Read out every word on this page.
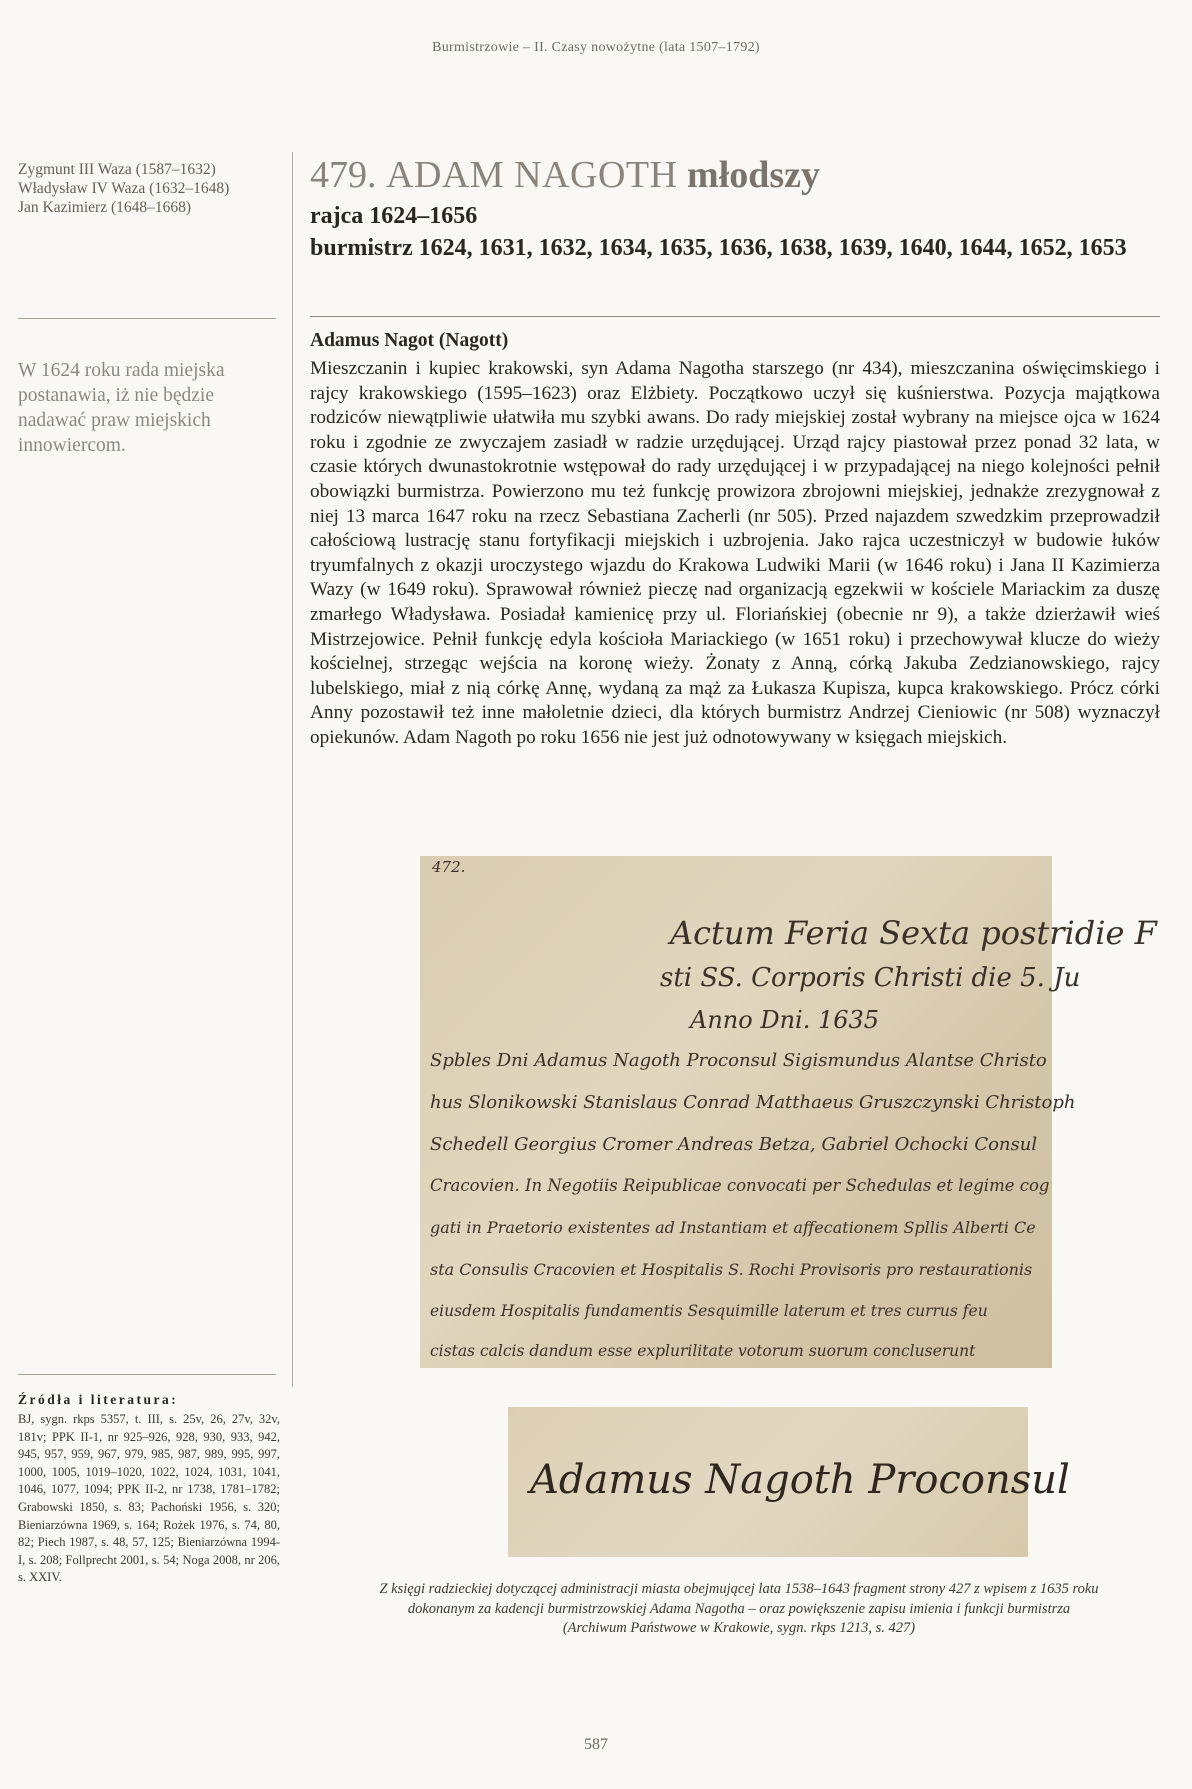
Burmistrzowie – II. Czasy nowożytne (lata 1507–1792)
Zygmunt III Waza (1587–1632)
Władysław IV Waza (1632–1648)
Jan Kazimierz (1648–1668)
W 1624 roku rada miejska postanawia, iż nie będzie nadawać praw miejskich innowiercom.
Źródła i literatura:
BJ, sygn. rkps 5357, t. III, s. 25v, 26, 27v, 32v, 181v; PPK II-1, nr 925–926, 928, 930, 933, 942, 945, 957, 959, 967, 979, 985, 987, 989, 995, 997, 1000, 1005, 1019–1020, 1022, 1024, 1031, 1041, 1046, 1077, 1094; PPK II-2, nr 1738, 1781–1782; Grabowski 1850, s. 83; Pachoński 1956, s. 320; Bieniarzówna 1969, s. 164; Rożek 1976, s. 74, 80, 82; Piech 1987, s. 48, 57, 125; Bieniarzówna 1994-I, s. 208; Follprecht 2001, s. 54; Noga 2008, nr 206, s. XXIV.
479. ADAM NAGOTH młodszy
rajca 1624–1656
burmistrz 1624, 1631, 1632, 1634, 1635, 1636, 1638, 1639, 1640, 1644, 1652, 1653
Adamus Nagot (Nagott)
Mieszczanin i kupiec krakowski, syn Adama Nagotha starszego (nr 434), mieszczanina oświęcimskiego i rajcy krakowskiego (1595–1623) oraz Elżbiety. Początkowo uczył się kuśnierstwa. Pozycja majątkowa rodziców niewątpliwie ułatwiła mu szybki awans. Do rady miejskiej został wybrany na miejsce ojca w 1624 roku i zgodnie ze zwyczajem zasiadł w radzie urzędującej. Urząd rajcy piastował przez ponad 32 lata, w czasie których dwunastokrotnie wstępował do rady urzędującej i w przypadającej na niego kolejności pełnił obowiązki burmistrza. Powierzono mu też funkcję prowizora zbrojowni miejskiej, jednakże zrezygnował z niej 13 marca 1647 roku na rzecz Sebastiana Zacherli (nr 505). Przed najazdem szwedzkim przeprowadził całościową lustrację stanu fortyfikacji miejskich i uzbrojenia. Jako rajca uczestniczył w budowie łuków tryumfalnych z okazji uroczystego wjazdu do Krakowa Ludwiki Marii (w 1646 roku) i Jana II Kazimierza Wazy (w 1649 roku). Sprawował również pieczę nad organizacją egzekwii w kościele Mariackim za duszę zmarłego Władysława. Posiadał kamienicę przy ul. Floriańskiej (obecnie nr 9), a także dzierżawił wieś Mistrzejowice. Pełnił funkcję edyla kościoła Mariackiego (w 1651 roku) i przechowywał klucze do wieży kościelnej, strzegąc wejścia na koronę wieży. Żonaty z Anną, córką Jakuba Zedzianowskiego, rajcy lubelskiego, miał z nią córkę Annę, wydaną za mąż za Łukasza Kupisza, kupca krakowskiego. Prócz córki Anny pozostawił też inne małoletnie dzieci, dla których burmistrz Andrzej Cieniowic (nr 508) wyznaczył opiekunów. Adam Nagoth po roku 1656 nie jest już odnotowywany w księgach miejskich.
472.
Actum Feria Sexta postridie F
sti SS. Corporis Christi die 5. Ju
Anno Dni. 1635
Spbles Dni Adamus Nagoth Proconsul Sigismundus Alantse Christo
hus Slonikowski Stanislaus Conrad Matthaeus Gruszczynski Christoph
Schedell Georgius Cromer Andreas Betza, Gabriel Ochocki Consul
Cracovien. In Negotiis Reipublicae convocati per Schedulas et legime cog
gati in Praetorio existentes ad Instantiam et affecationem Spllis Alberti Ce
sta Consulis Cracovien et Hospitalis S. Rochi Provisoris pro restaurationis
eiusdem Hospitalis fundamentis Sesquimille laterum et tres currus feu
cistas calcis dandum esse explurilitate votorum suorum concluserunt
Adamus Nagoth Proconsul
Z księgi radzieckiej dotyczącej administracji miasta obejmującej lata 1538–1643 fragment strony 427 z wpisem z 1635 roku
dokonanym za kadencji burmistrzowskiej Adama Nagotha – oraz powiększenie zapisu imienia i funkcji burmistrza
(Archiwum Państwowe w Krakowie, sygn. rkps 1213, s. 427)
587
